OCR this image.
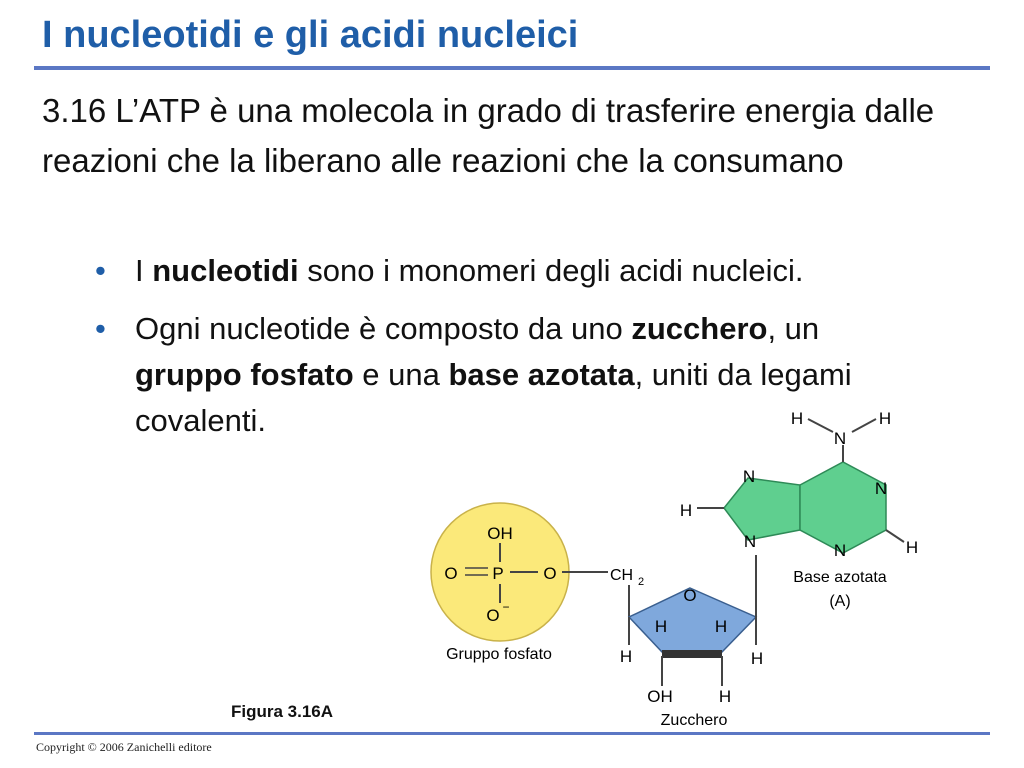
I nucleotidi e gli acidi nucleici

3.16 L’ATP è una molecola in grado di trasferire energia dalle reazioni che la liberano alle reazioni che la consumano

• I nucleotidi sono i monomeri degli acidi nucleici.
• Ogni nucleotide è composto da uno zucchero, un
gruppo fosfato e una base azotata, uniti da legami covalenti.
OH
P
O	O
O −
Gruppo fosfato
CH 2
O
H	H
H	H
OH	H
Zucchero
H	H
N
N
N
H
N	N	H
Base azotata
(A)

Figura 3.16A

Copyright © 2006 Zanichelli editore
